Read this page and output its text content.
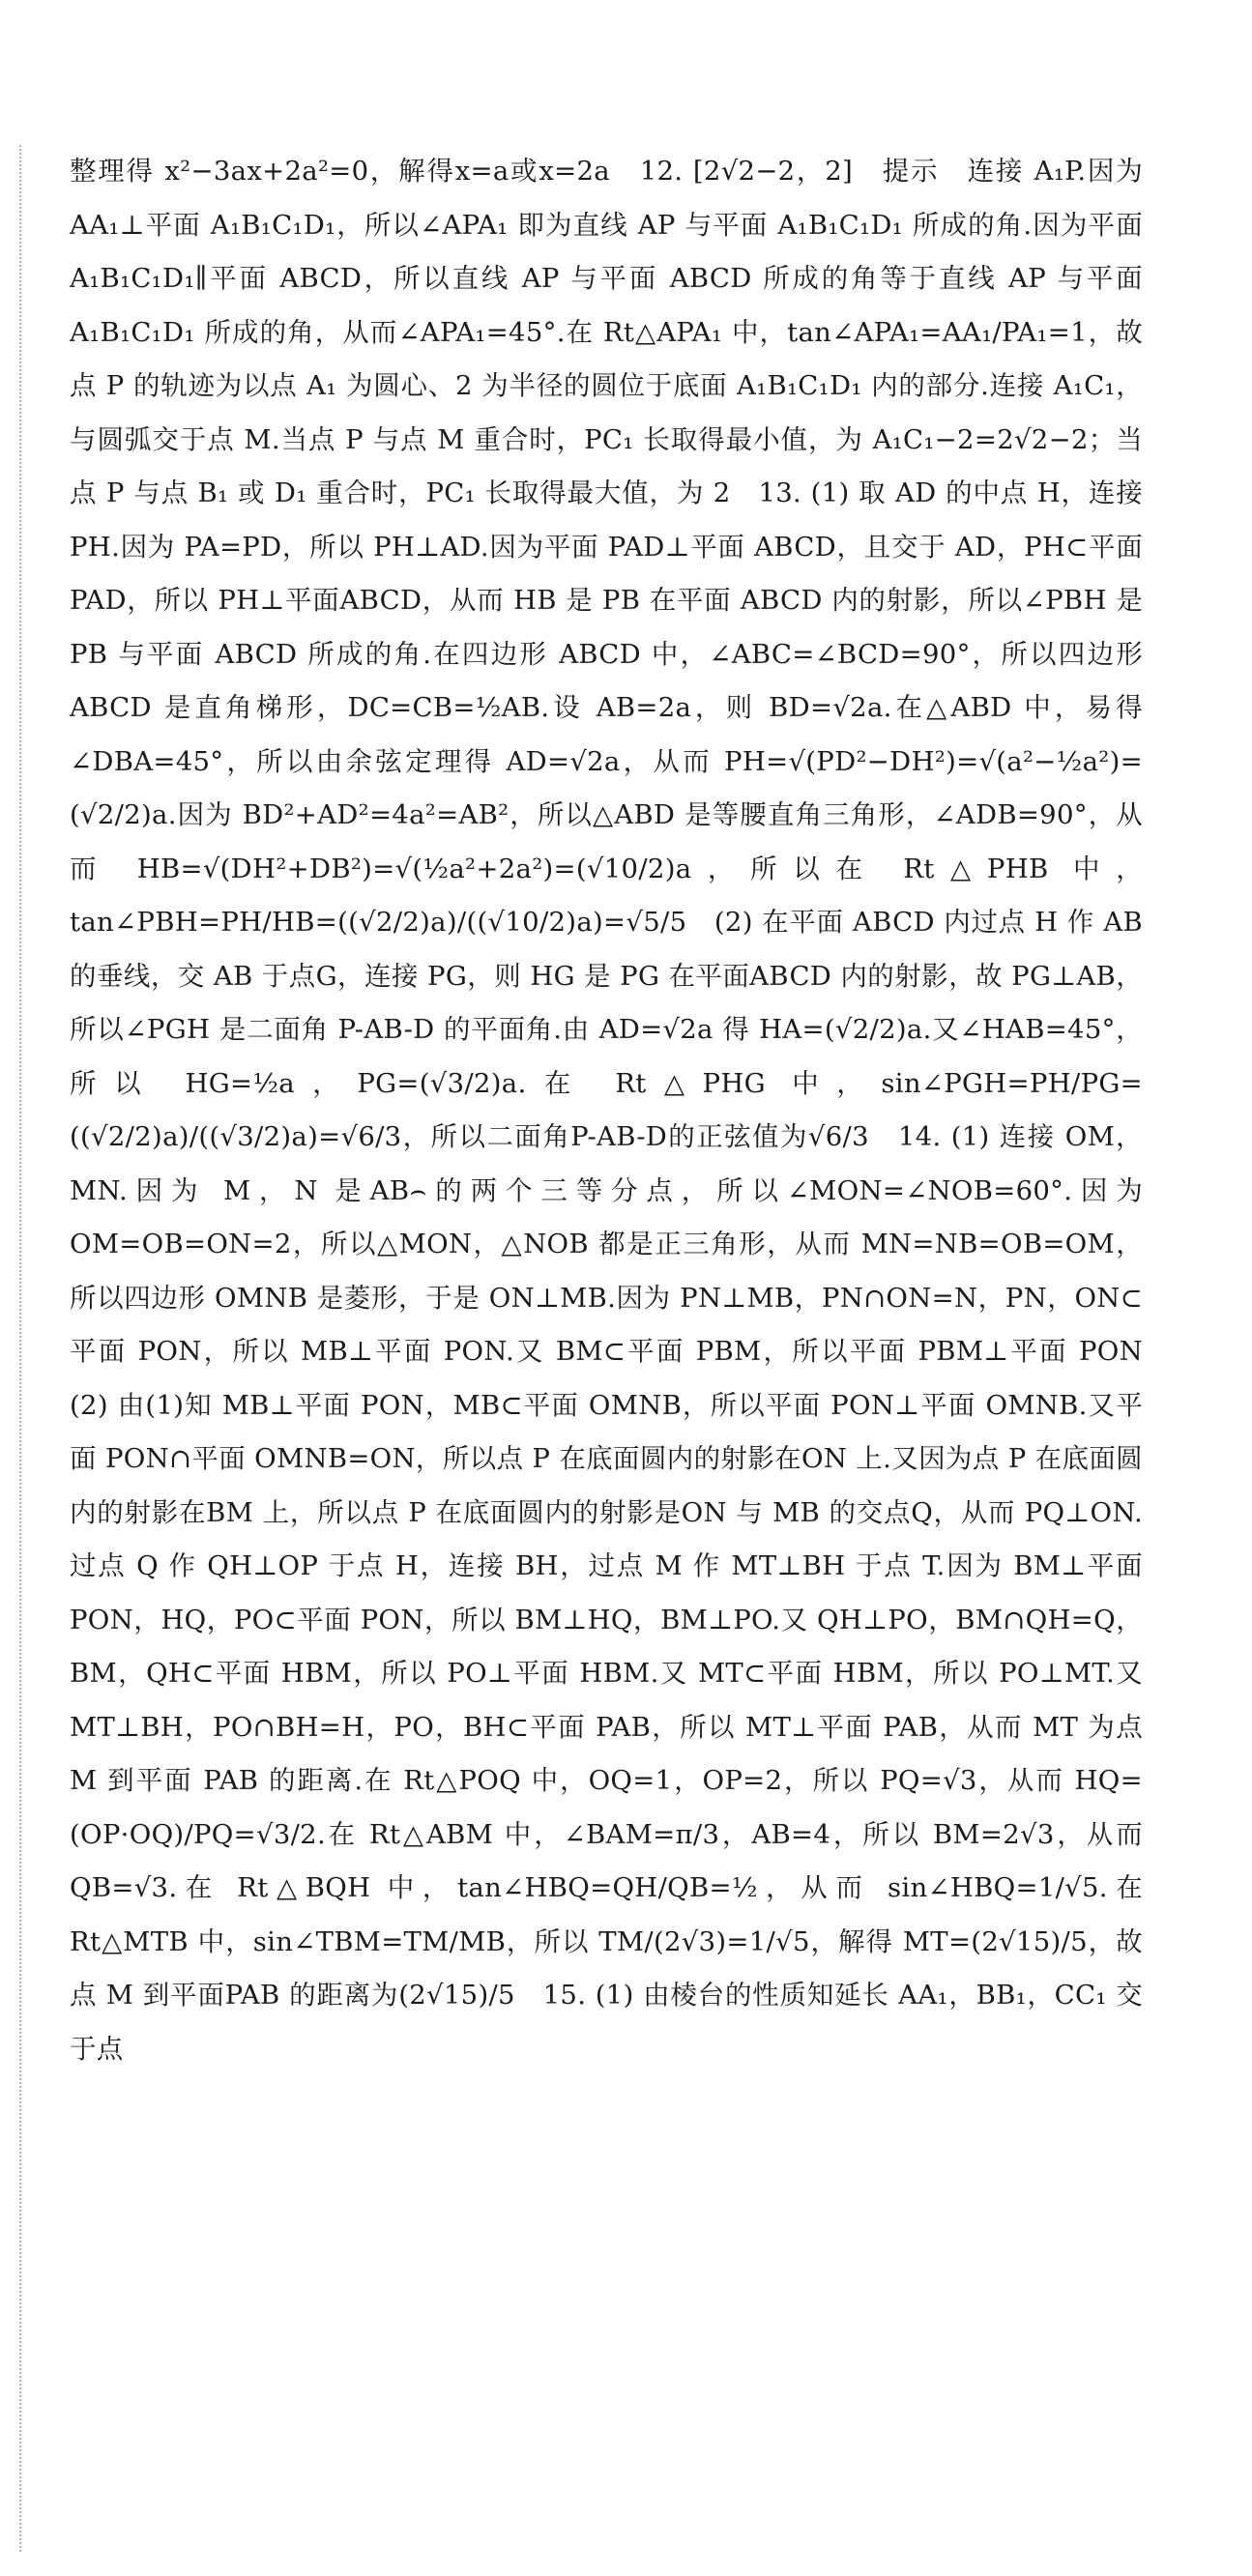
整理得 x²−3ax+2a²=0，解得x=a或x=2a　12. [2√2−2，2]　提示　连接 A₁P.因为 AA₁⊥平面 A₁B₁C₁D₁，所以∠APA₁ 即为直线 AP 与平面 A₁B₁C₁D₁ 所成的角.因为平面 A₁B₁C₁D₁∥平面 ABCD，所以直线 AP 与平面 ABCD 所成的角等于直线 AP 与平面 A₁B₁C₁D₁ 所成的角，从而∠APA₁=45°.在 Rt△APA₁ 中，tan∠APA₁=AA₁/PA₁=1，故点 P 的轨迹为以点 A₁ 为圆心、2 为半径的圆位于底面 A₁B₁C₁D₁ 内的部分.连接 A₁C₁，与圆弧交于点 M.当点 P 与点 M 重合时，PC₁ 长取得最小值，为 A₁C₁−2=2√2−2；当点 P 与点 B₁ 或 D₁ 重合时，PC₁ 长取得最大值，为 2　13. (1) 取 AD 的中点 H，连接 PH.因为 PA=PD，所以 PH⊥AD.因为平面 PAD⊥平面 ABCD，且交于 AD，PH⊂平面 PAD，所以 PH⊥平面ABCD，从而 HB 是 PB 在平面 ABCD 内的射影，所以∠PBH 是 PB 与平面 ABCD 所成的角.在四边形 ABCD 中，∠ABC=∠BCD=90°，所以四边形 ABCD 是直角梯形，DC=CB=½AB.设 AB=2a，则 BD=√2a.在△ABD 中，易得∠DBA=45°，所以由余弦定理得 AD=√2a，从而 PH=√(PD²−DH²)=√(a²−½a²)=(√2/2)a.因为 BD²+AD²=4a²=AB²，所以△ABD 是等腰直角三角形，∠ADB=90°，从而 HB=√(DH²+DB²)=√(½a²+2a²)=(√10/2)a，所以在 Rt△PHB 中，tan∠PBH=PH/HB=((√2/2)a)/((√10/2)a)=√5/5　(2) 在平面 ABCD 内过点 H 作 AB 的垂线，交 AB 于点G，连接 PG，则 HG 是 PG 在平面ABCD 内的射影，故 PG⊥AB，所以∠PGH 是二面角 P-AB-D 的平面角.由 AD=√2a 得 HA=(√2/2)a.又∠HAB=45°，所以 HG=½a，PG=(√3/2)a.在 Rt△PHG 中，sin∠PGH=PH/PG=((√2/2)a)/((√3/2)a)=√6/3，所以二面角P-AB-D的正弦值为√6/3　14. (1) 连接 OM，MN.因为 M，N 是AB⌢的两个三等分点，所以∠MON=∠NOB=60°.因为 OM=OB=ON=2，所以△MON，△NOB 都是正三角形，从而 MN=NB=OB=OM，所以四边形 OMNB 是菱形，于是 ON⊥MB.因为 PN⊥MB，PN∩ON=N，PN，ON⊂平面 PON，所以 MB⊥平面 PON.又 BM⊂平面 PBM，所以平面 PBM⊥平面 PON　(2) 由(1)知 MB⊥平面 PON，MB⊂平面 OMNB，所以平面 PON⊥平面 OMNB.又平面 PON∩平面 OMNB=ON，所以点 P 在底面圆内的射影在ON 上.又因为点 P 在底面圆内的射影在BM 上，所以点 P 在底面圆内的射影是ON 与 MB 的交点Q，从而 PQ⊥ON.过点 Q 作 QH⊥OP 于点 H，连接 BH，过点 M 作 MT⊥BH 于点 T.因为 BM⊥平面 PON，HQ，PO⊂平面 PON，所以 BM⊥HQ，BM⊥PO.又 QH⊥PO，BM∩QH=Q，BM，QH⊂平面 HBM，所以 PO⊥平面 HBM.又 MT⊂平面 HBM，所以 PO⊥MT.又 MT⊥BH，PO∩BH=H，PO，BH⊂平面 PAB，所以 MT⊥平面 PAB，从而 MT 为点M 到平面 PAB 的距离.在 Rt△POQ 中，OQ=1，OP=2，所以 PQ=√3，从而 HQ=(OP·OQ)/PQ=√3/2.在 Rt△ABM 中，∠BAM=π/3，AB=4，所以 BM=2√3，从而 QB=√3.在 Rt△BQH 中，tan∠HBQ=QH/QB=½，从而 sin∠HBQ=1/√5.在 Rt△MTB 中，sin∠TBM=TM/MB，所以 TM/(2√3)=1/√5，解得 MT=(2√15)/5，故点 M 到平面PAB 的距离为(2√15)/5　15. (1) 由棱台的性质知延长 AA₁，BB₁，CC₁ 交于点
